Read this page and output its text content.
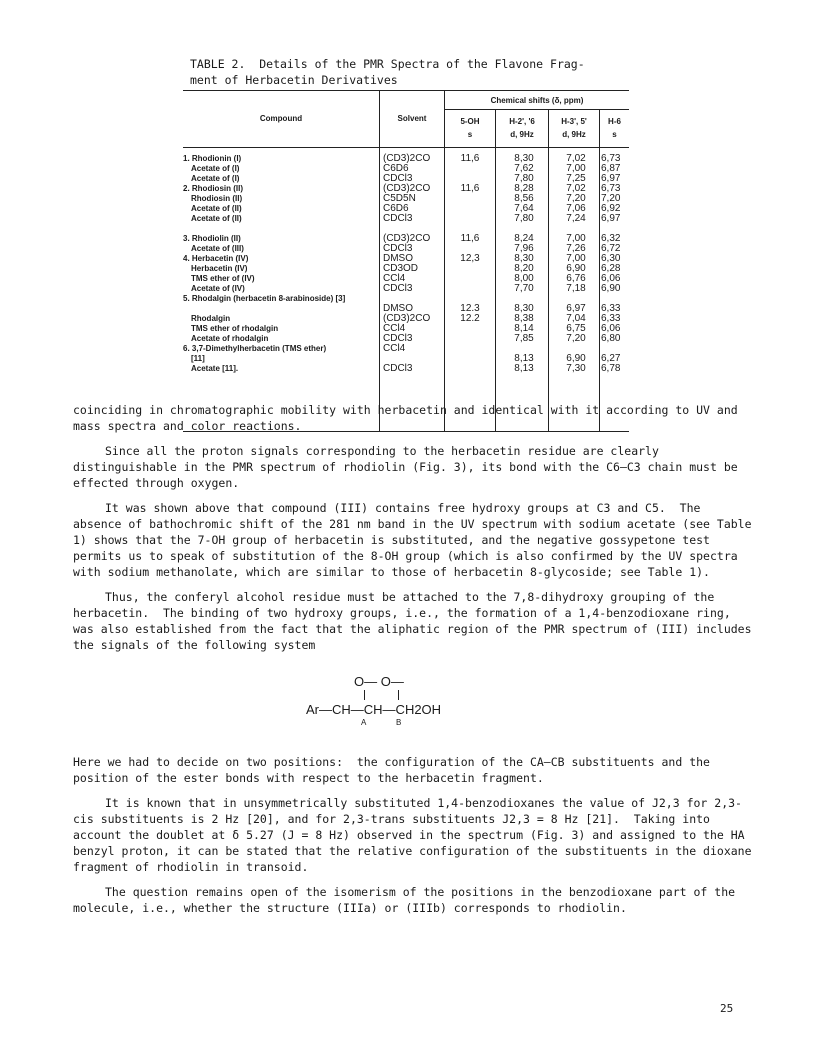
TABLE 2.  Details of the PMR Spectra of the Flavone Frag-
ment of Herbacetin Derivatives
Compound	Solvent
Chemical shifts (δ, ppm)
5-OH
s
H-2', '6
d, 9Hz
H-3', 5'
d, 9Hz
H-6
s
1. Rhodionin (I)
Acetate of (I)
Acetate of (I)
2. Rhodiosin (II)
Rhodiosin (II)
Acetate of (II)
Acetate of (II)
3. Rhodiolin (II)
Acetate of (III)
4. Herbacetin (IV)
Herbacetin (IV)
TMS ether of (IV)
Acetate of (IV)
5. Rhodalgin (herbacetin 8-arabinoside) [3]
Rhodalgin
TMS ether of rhodalgin
Acetate of rhodalgin
6. 3,7-Dimethylherbacetin (TMS ether)
[11]
Acetate [11].
(CD3)2CO
C6D6
CDCl3
(CD3)2CO
C5D5N
C6D6
CDCl3
(CD3)2CO
CDCl3
DMSO
CD3OD
CCl4
CDCl3
DMSO
(CD3)2CO
CCl4
CDCl3
CCl4
CDCl3
11,6
11,6
11,6
12,3
12.3
12.2
8,30
7,62
7,80
8,28
8,56
7,64
7,80
8,24
7,96
8,30
8,20
8,00
7,70
8,30
8,38
8,14
7,85
8,13
8,13
7,02
7,00
7,25
7,02
7,20
7,06
7,24
7,00
7,26
7,00
6,90
6,76
7,18
6,97
7,04
6,75
7,20
6,90
7,30
6,73
6,87
6,97
6,73
7,20
6,92
6,97
6,32
6,72
6,30
6,28
6,06
6,90
6,33
6,33
6,06
6,80
6,27
6,78

coinciding in chromatographic mobility with herbacetin and identical with it according to UV and mass spectra and color reactions.

Since all the proton signals corresponding to the herbacetin residue are clearly distinguishable in the PMR spectrum of rhodiolin (Fig. 3), its bond with the C6—C3 chain must be effected through oxygen.

It was shown above that compound (III) contains free hydroxy groups at C3 and C5.  The absence of bathochromic shift of the 281 nm band in the UV spectrum with sodium acetate (see Table 1) shows that the 7-OH group of herbacetin is substituted, and the negative gossypetone test permits us to speak of substitution of the 8-OH group (which is also confirmed by the UV spectra with sodium methanolate, which are similar to those of herbacetin 8-glycoside; see Table 1).

Thus, the conferyl alcohol residue must be attached to the 7,8-dihydroxy grouping of the herbacetin.  The binding of two hydroxy groups, i.e., the formation of a 1,4-benzodioxane ring, was also established from the fact that the aliphatic region of the PMR spectrum of (III) includes the signals of the following system

Here we had to decide on two positions:  the configuration of the CA—CB substituents and the position of the ester bonds with respect to the herbacetin fragment.

It is known that in unsymmetrically substituted 1,4-benzodioxanes the value of J2,3 for 2,3-cis substituents is 2 Hz [20], and for 2,3-trans substituents J2,3 = 8 Hz [21].  Taking into account the doublet at δ 5.27 (J = 8 Hz) observed in the spectrum (Fig. 3) and assigned to the HA benzyl proton, it can be stated that the relative configuration of the substituents in the dioxane fragment of rhodiolin in transoid.

The question remains open of the isomerism of the positions in the benzodioxane part of the molecule, i.e., whether the structure (IIIa) or (IIIb) corresponds to rhodiolin.

O— O—
Ar—CH—CH—CH2OH
A	B
25
